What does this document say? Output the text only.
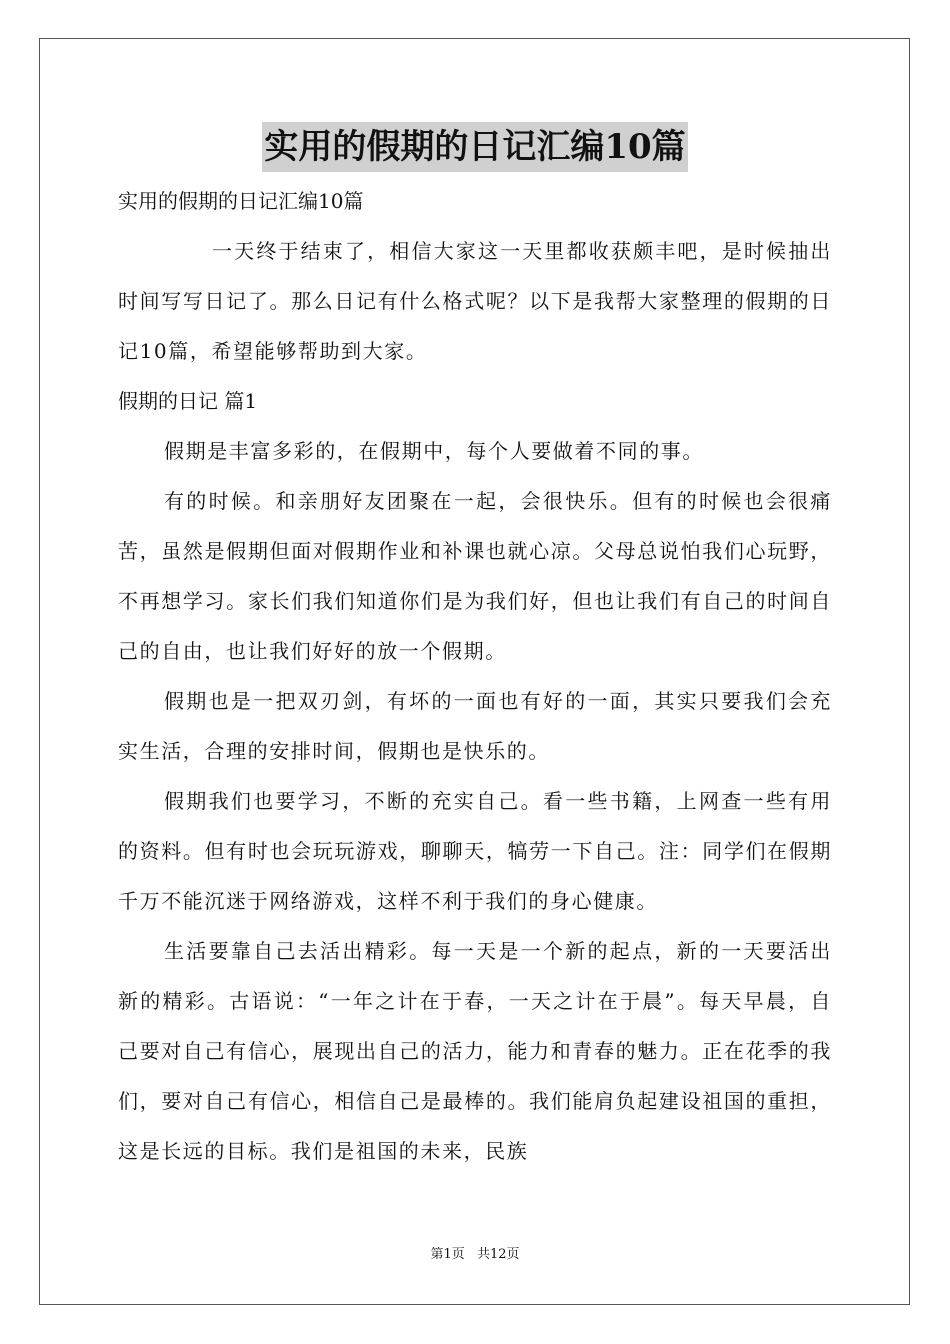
实用的假期的日记汇编10篇

实用的假期的日记汇编10篇

一天终于结束了，相信大家这一天里都收获颇丰吧，是时候抽出时间写写日记了。那么日记有什么格式呢？以下是我帮大家整理的假期的日记10篇，希望能够帮助到大家。

假期的日记 篇1

假期是丰富多彩的，在假期中，每个人要做着不同的事。

有的时候。和亲朋好友团聚在一起，会很快乐。但有的时候也会很痛苦，虽然是假期但面对假期作业和补课也就心凉。父母总说怕我们心玩野，不再想学习。家长们我们知道你们是为我们好，但也让我们有自己的时间自己的自由，也让我们好好的放一个假期。

假期也是一把双刃剑，有坏的一面也有好的一面，其实只要我们会充实生活，合理的安排时间，假期也是快乐的。

假期我们也要学习，不断的充实自己。看一些书籍，上网查一些有用的资料。但有时也会玩玩游戏，聊聊天，犒劳一下自己。注：同学们在假期千万不能沉迷于网络游戏，这样不利于我们的身心健康。

生活要靠自己去活出精彩。每一天是一个新的起点，新的一天要活出新的精彩。古语说：“一年之计在于春，一天之计在于晨”。每天早晨，自己要对自己有信心，展现出自己的活力，能力和青春的魅力。正在花季的我们，要对自己有信心，相信自己是最棒的。我们能肩负起建设祖国的重担，这是长远的目标。我们是祖国的未来，民族

第1页 共12页
